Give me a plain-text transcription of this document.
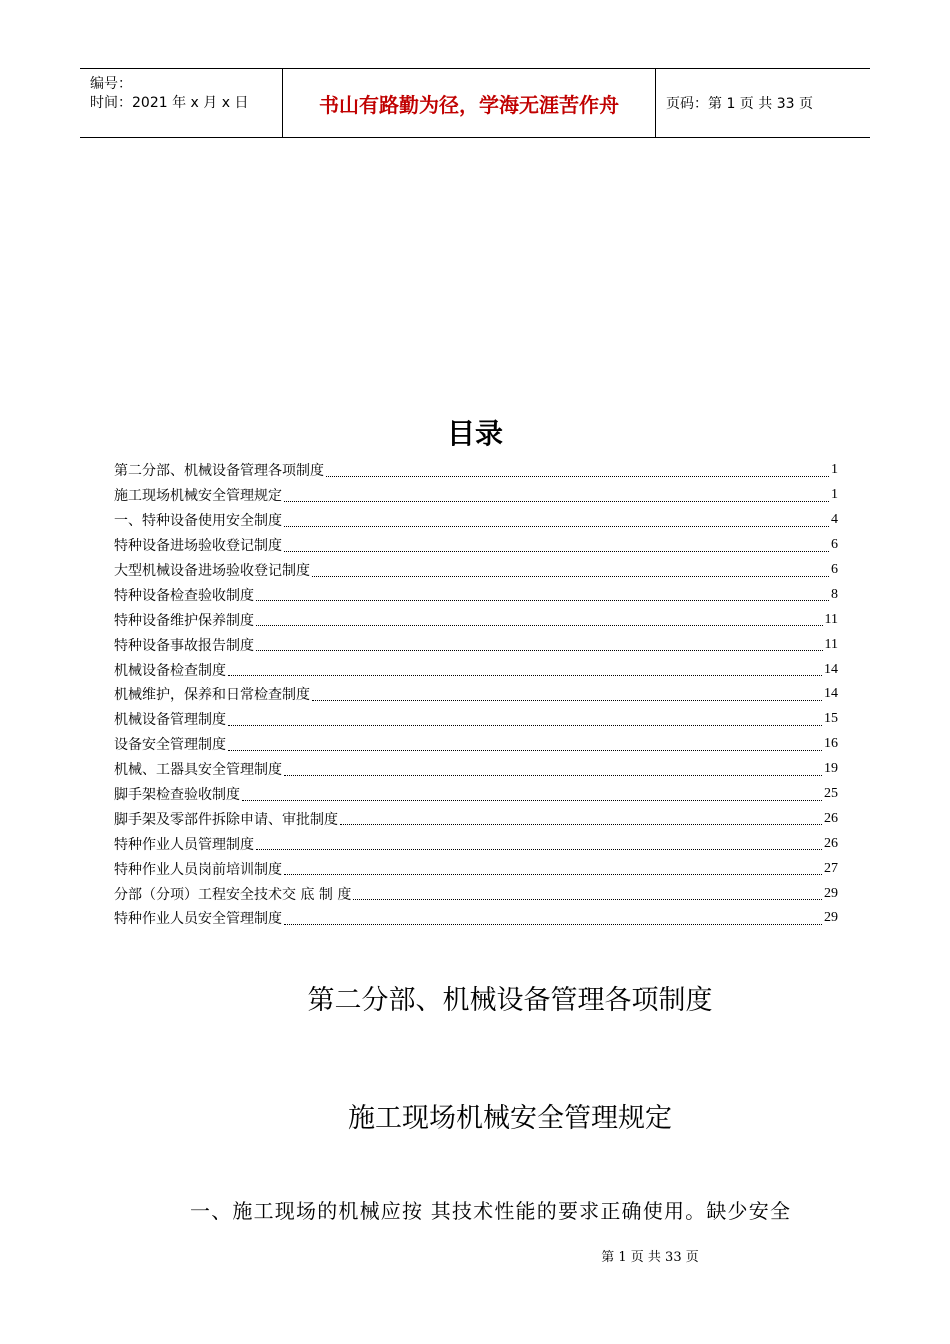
编号：
时间：2021 年 x 月 x 日	书山有路勤为径，学海无涯苦作舟	页码：第 1 页 共 33 页
目录
第二分部、机械设备管理各项制度	1
施工现场机械安全管理规定	1
一、特种设备使用安全制度	4
特种设备进场验收登记制度	6
大型机械设备进场验收登记制度	6
特种设备检查验收制度	8
特种设备维护保养制度	11
特种设备事故报告制度	11
机械设备检查制度	14
机械维护，保养和日常检查制度	14
机械设备管理制度	15
设备安全管理制度	16
机械、工器具安全管理制度	19
脚手架检查验收制度	25
脚手架及零部件拆除申请、审批制度	26
特种作业人员管理制度	26
特种作业人员岗前培训制度	27
分部（分项）工程安全技术交 底 制 度	29
特种作业人员安全管理制度	29
第二分部、机械设备管理各项制度
施工现场机械安全管理规定
一、施工现场的机械应按 其技术性能的要求正确使用。缺少安全
第 1 页 共 33 页
